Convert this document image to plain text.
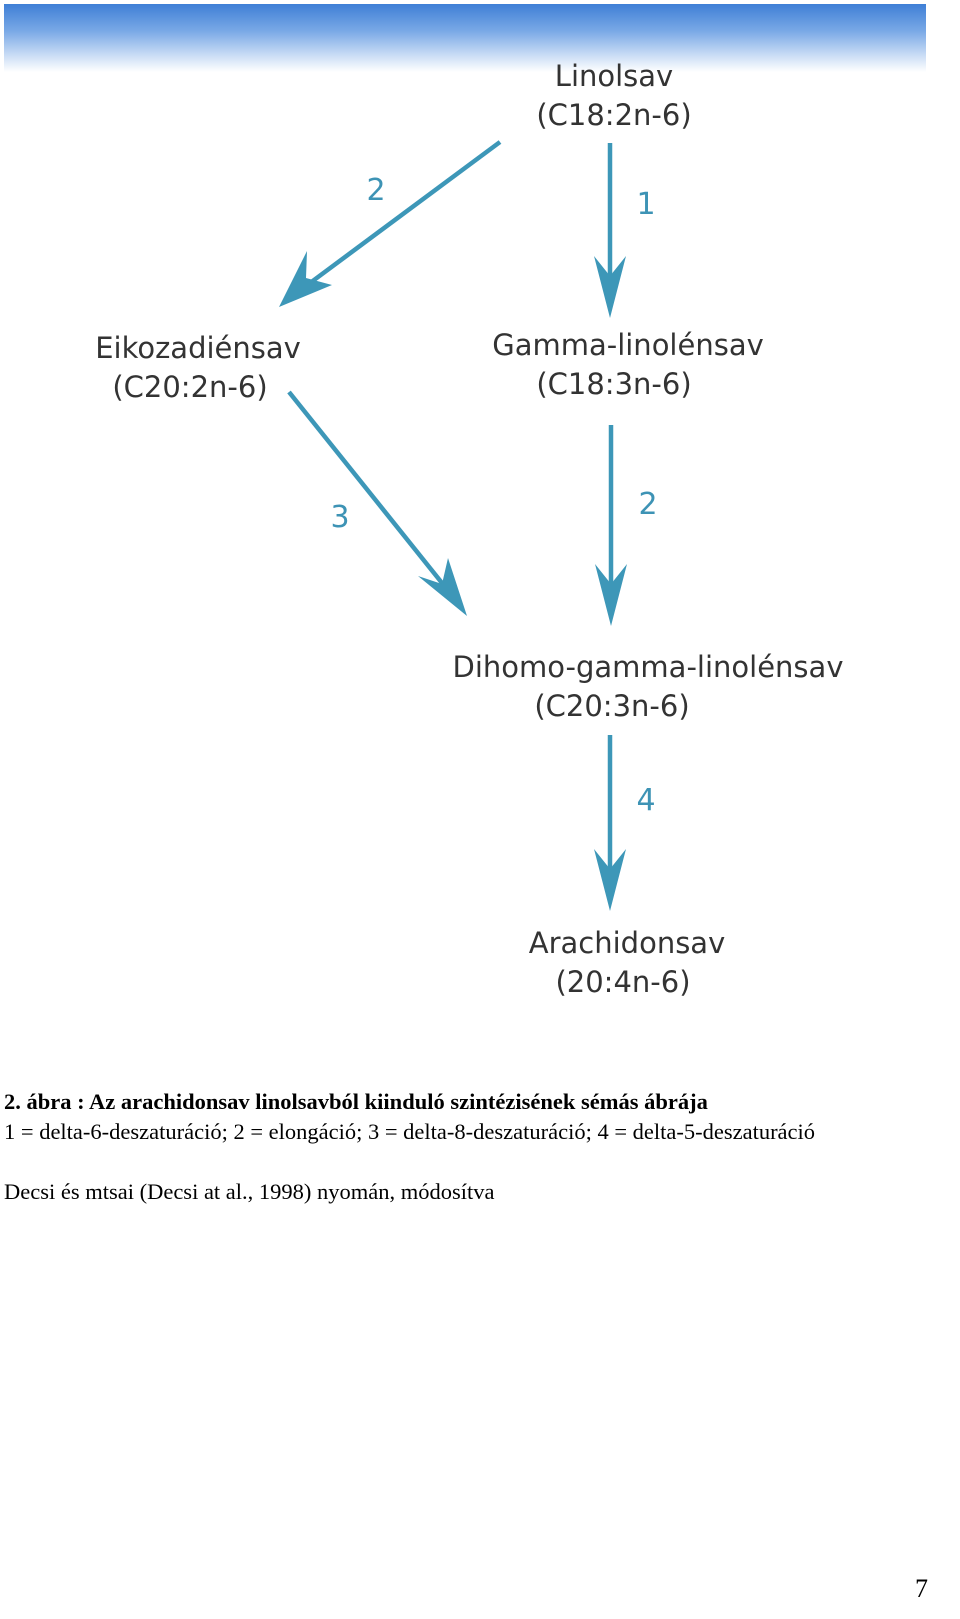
Linolsav
(C18:2n-6)
Eikozadiénsav
(C20:2n-6)
Gamma-linolénsav
(C18:3n-6)
Dihomo-gamma-linolénsav
(C20:3n-6)
Arachidonsav
(20:4n-6)
1
2
2
3
4
2. ábra : Az arachidonsav linolsavból kiinduló szintézisének sémás ábrája
1 = delta-6-deszaturáció; 2 = elongáció; 3 = delta-8-deszaturáció; 4 = delta-5-deszaturáció
Decsi és mtsai (Decsi at al., 1998) nyomán, módosítva
7
